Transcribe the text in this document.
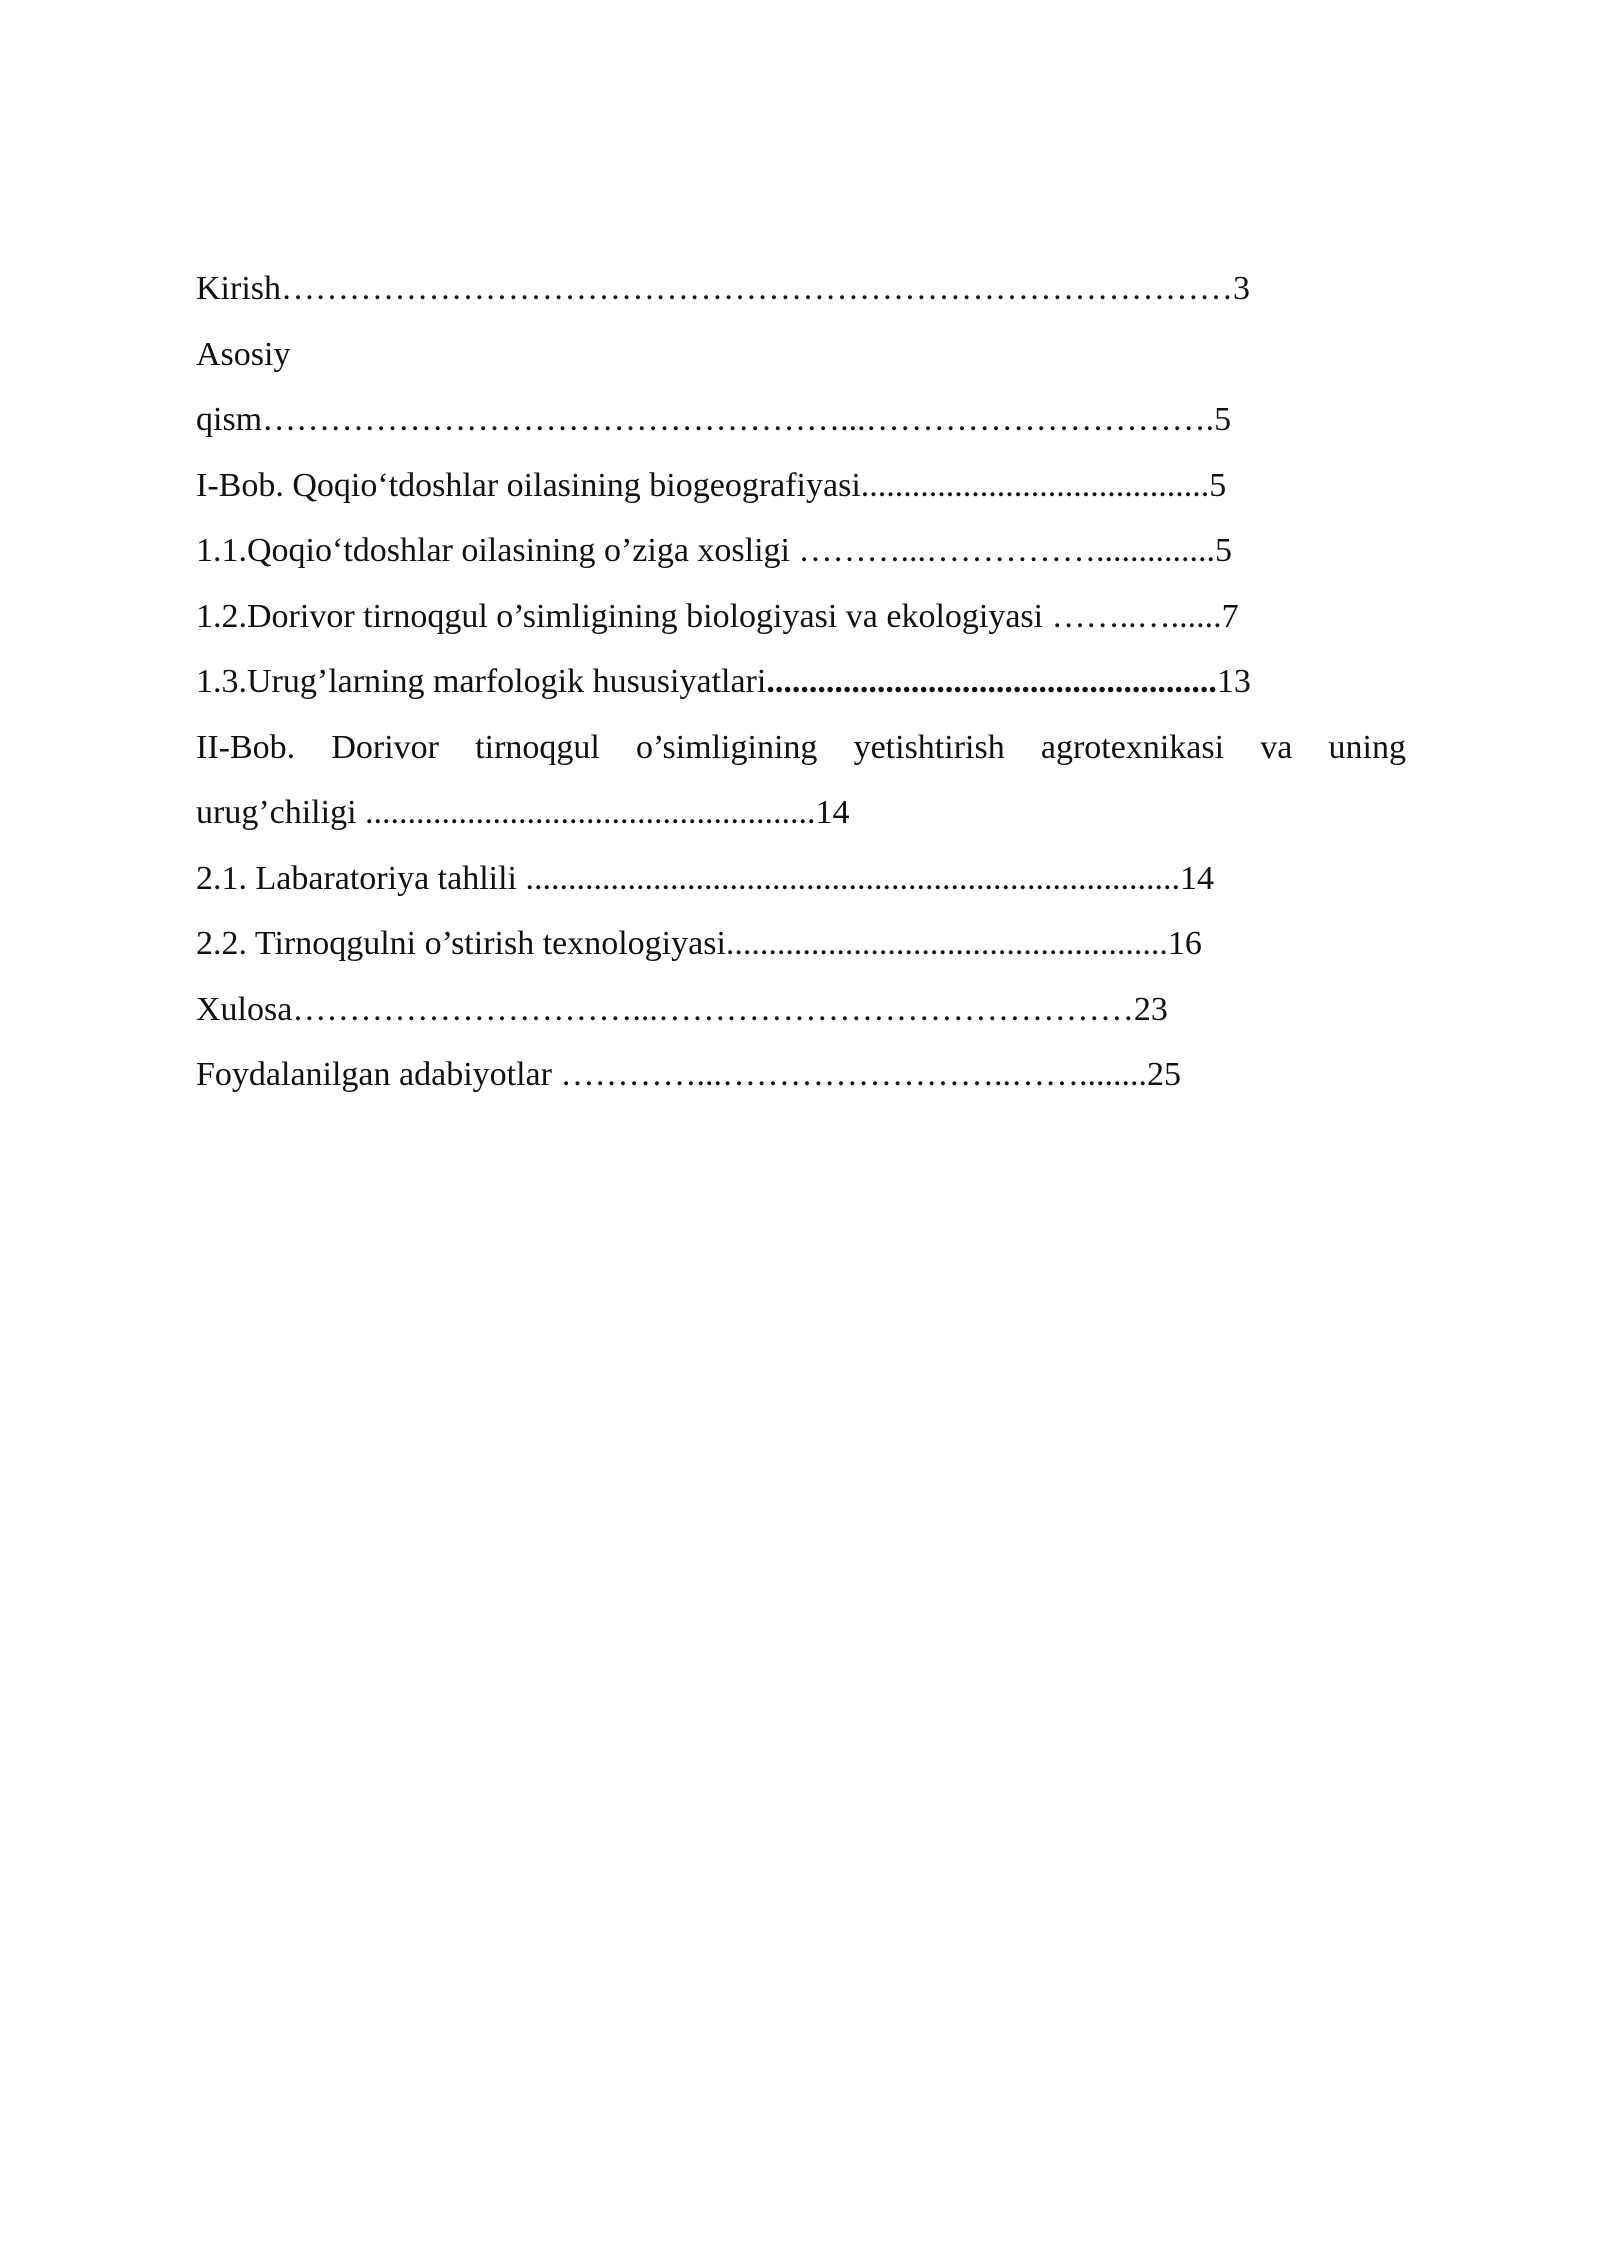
Kirish…………………………………………………………………………3
Asosiy
qism……………………………………………...………………………….5
I-Bob. Qoqio‘tdoshlar oilasining biogeografiyasi.........................................5
1.1.Qoqio‘tdoshlar oilasining o’ziga xosligi ………...……………..............5
1.2.Dorivor tirnoqgul o’simligining biologiyasi va ekologiyasi ……..…......7
1.3.Urug’larning marfologik hususiyatlari.....................................................13
II-Bob. Dorivor tirnoqgul o’simligining yetishtirish agrotexnikasi va uning
urug’chiligi .....................................................14
2.1. Labaratoriya tahlili .............................................................................14
2.2. Tirnoqgulni o’stirish texnologiyasi....................................................16
Xulosa…………………………...……………………………………23
Foydalanilgan adabiyotlar …………...……………………..……........25
